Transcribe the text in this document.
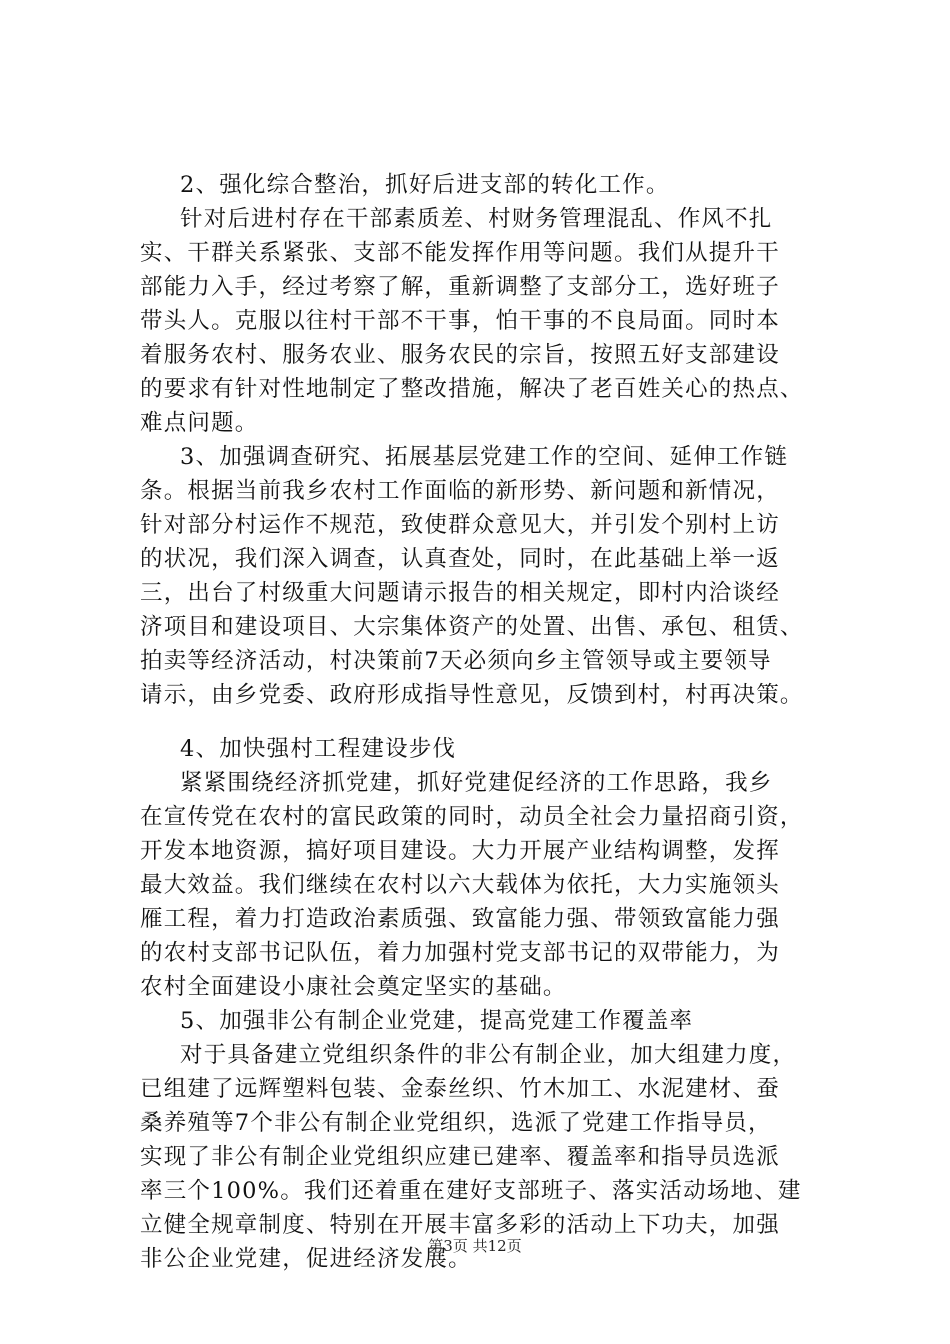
2、强化综合整治，抓好后进支部的转化工作。
针对后进村存在干部素质差、村财务管理混乱、作风不扎
实、干群关系紧张、支部不能发挥作用等问题。我们从提升干
部能力入手，经过考察了解，重新调整了支部分工，选好班子
带头人。克服以往村干部不干事，怕干事的不良局面。同时本
着服务农村、服务农业、服务农民的宗旨，按照五好支部建设
的要求有针对性地制定了整改措施，解决了老百姓关心的热点、
难点问题。
3、加强调查研究、拓展基层党建工作的空间、延伸工作链
条。根据当前我乡农村工作面临的新形势、新问题和新情况，
针对部分村运作不规范，致使群众意见大，并引发个别村上访
的状况，我们深入调查，认真查处，同时，在此基础上举一返
三，出台了村级重大问题请示报告的相关规定，即村内洽谈经
济项目和建设项目、大宗集体资产的处置、出售、承包、租赁、
拍卖等经济活动，村决策前7天必须向乡主管领导或主要领导
请示，由乡党委、政府形成指导性意见，反馈到村，村再决策。
4、加快强村工程建设步伐
紧紧围绕经济抓党建，抓好党建促经济的工作思路，我乡
在宣传党在农村的富民政策的同时，动员全社会力量招商引资，
开发本地资源，搞好项目建设。大力开展产业结构调整，发挥
最大效益。我们继续在农村以六大载体为依托，大力实施领头
雁工程，着力打造政治素质强、致富能力强、带领致富能力强
的农村支部书记队伍，着力加强村党支部书记的双带能力，为
农村全面建设小康社会奠定坚实的基础。
5、加强非公有制企业党建，提高党建工作覆盖率
对于具备建立党组织条件的非公有制企业，加大组建力度，
已组建了远辉塑料包装、金泰丝织、竹木加工、水泥建材、蚕
桑养殖等7个非公有制企业党组织，选派了党建工作指导员，
实现了非公有制企业党组织应建已建率、覆盖率和指导员选派
率三个100%。我们还着重在建好支部班子、落实活动场地、建
立健全规章制度、特别在开展丰富多彩的活动上下功夫，加强
非公企业党建，促进经济发展。
第3页 共12页
